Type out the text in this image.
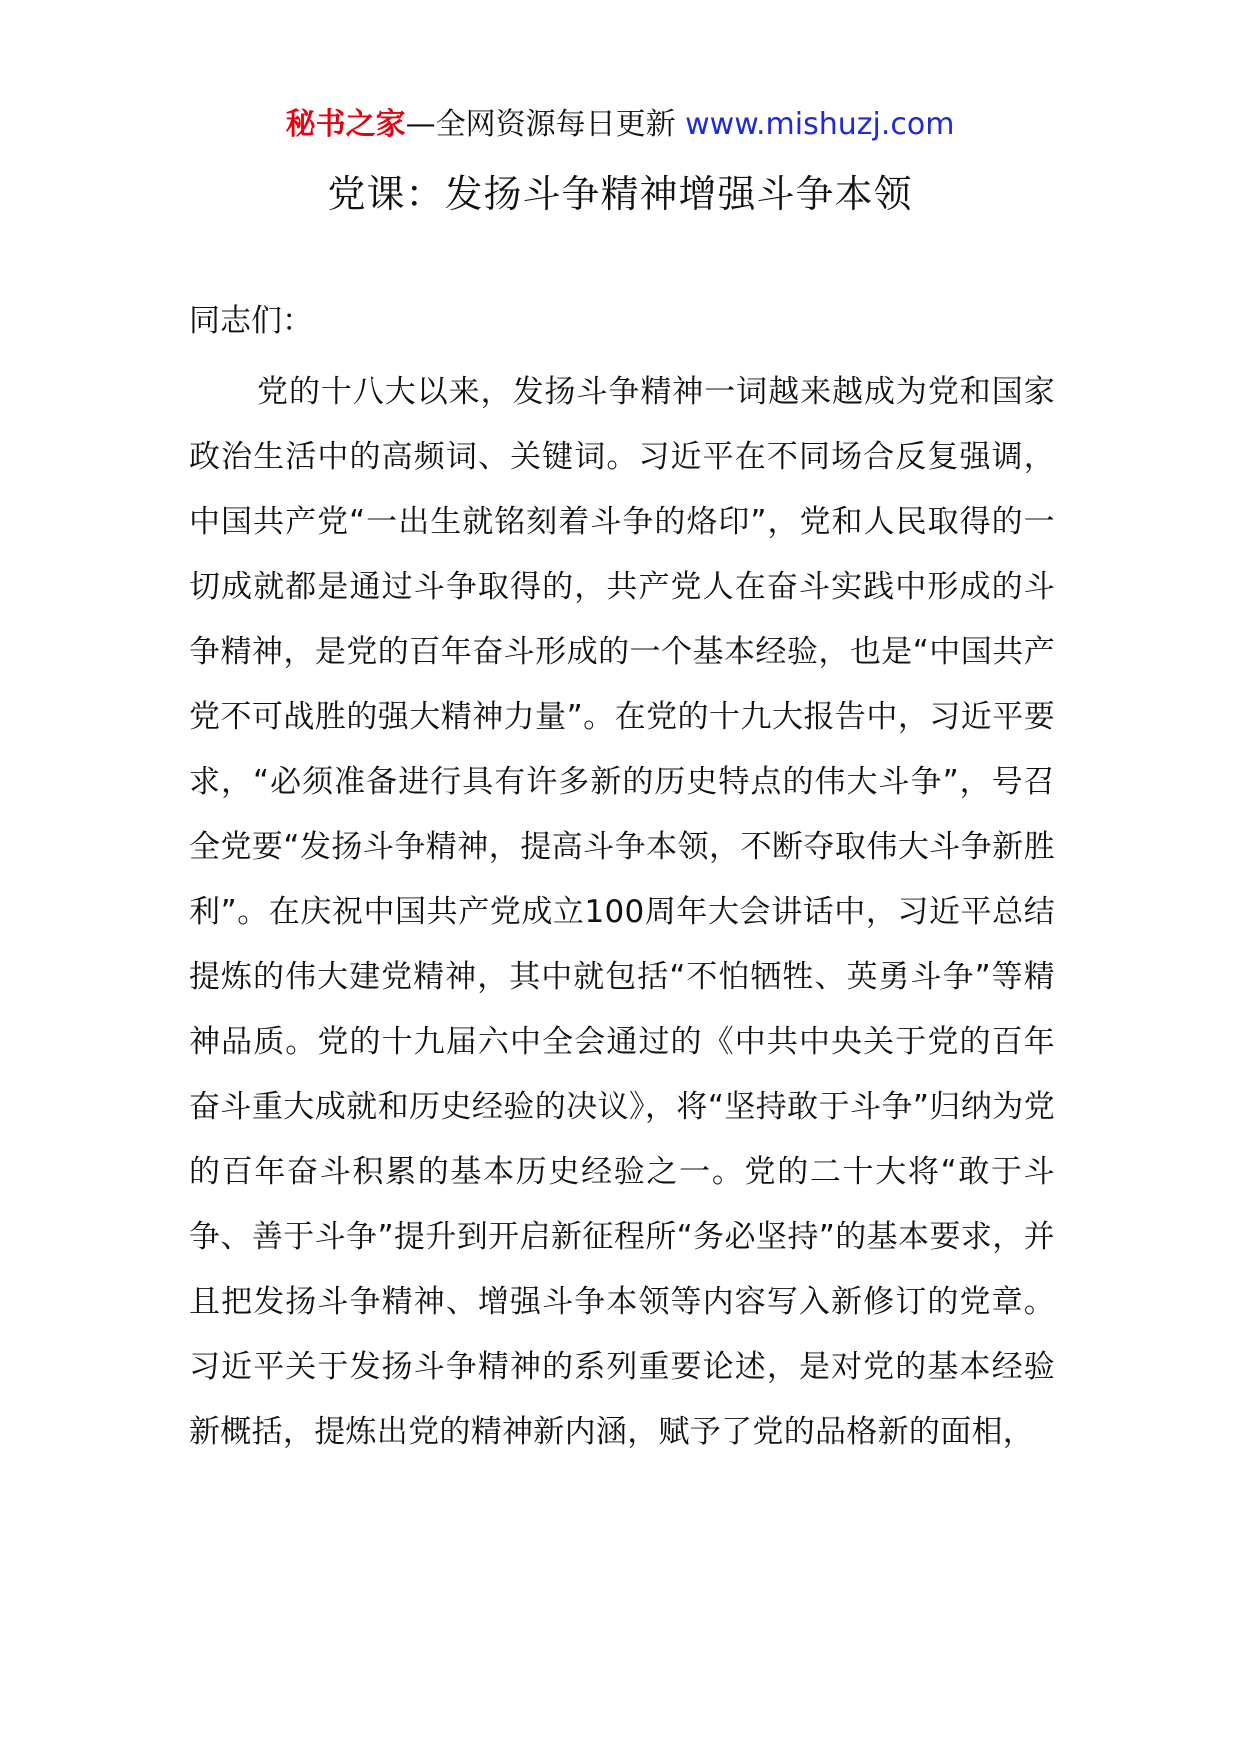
秘书之家—全网资源每日更新 www.mishuzj.com
党课：发扬斗争精神增强斗争本领

同志们：

党的十八大以来，发扬斗争精神一词越来越成为党和国家政治生活中的高频词、关键词。习近平在不同场合反复强调，中国共产党“一出生就铭刻着斗争的烙印”，党和人民取得的一切成就都是通过斗争取得的，共产党人在奋斗实践中形成的斗争精神，是党的百年奋斗形成的一个基本经验，也是“中国共产党不可战胜的强大精神力量”。在党的十九大报告中，习近平要求，“必须准备进行具有许多新的历史特点的伟大斗争”，号召全党要“发扬斗争精神，提高斗争本领，不断夺取伟大斗争新胜利”。在庆祝中国共产党成立100周年大会讲话中，习近平总结提炼的伟大建党精神，其中就包括“不怕牺牲、英勇斗争”等精神品质。党的十九届六中全会通过的《中共中央关于党的百年奋斗重大成就和历史经验的决议》，将“坚持敢于斗争”归纳为党的百年奋斗积累的基本历史经验之一。党的二十大将“敢于斗争、善于斗争”提升到开启新征程所“务必坚持”的基本要求，并且把发扬斗争精神、增强斗争本领等内容写入新修订的党章。习近平关于发扬斗争精神的系列重要论述，是对党的基本经验新概括，提炼出党的精神新内涵，赋予了党的品格新的面相，
